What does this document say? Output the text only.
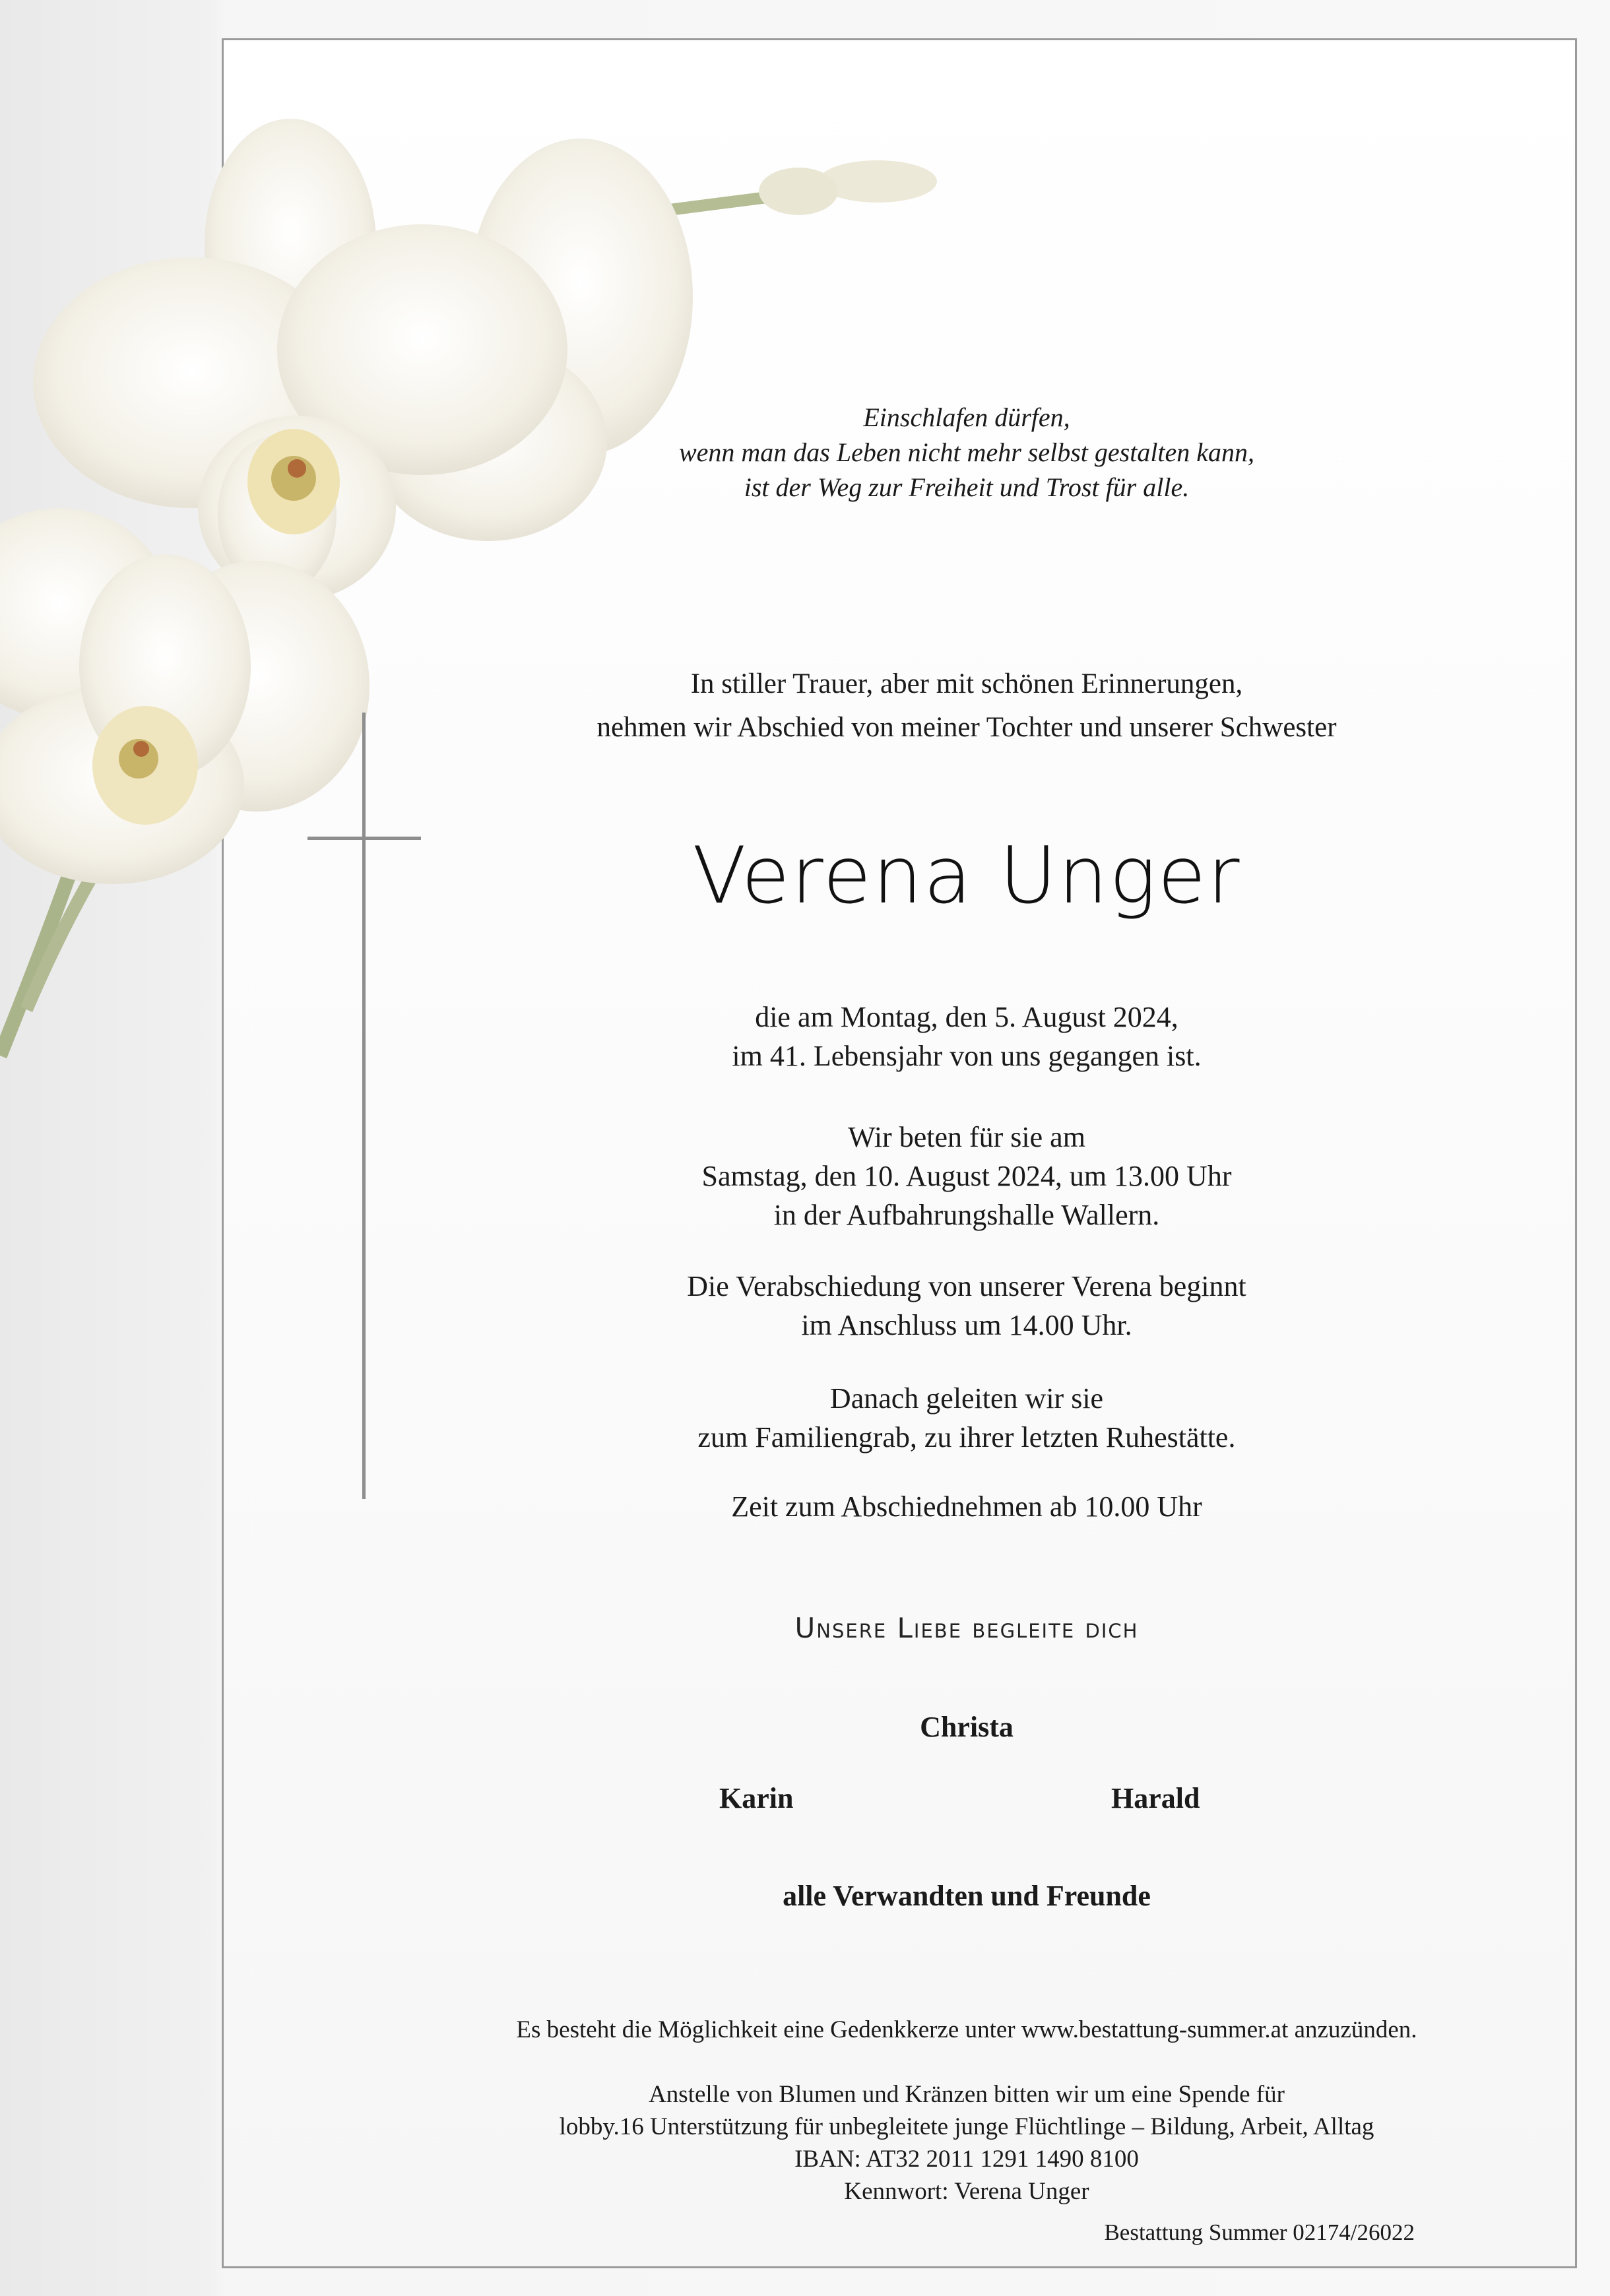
Einschlafen dürfen,

wenn man das Leben nicht mehr selbst gestalten kann,

ist der Weg zur Freiheit und Trost für alle.

In stiller Trauer, aber mit schönen Erinnerungen,

nehmen wir Abschied von meiner Tochter und unserer Schwester

Verena Unger

die am Montag, den 5. August 2024,

im 41. Lebensjahr von uns gegangen ist.

Wir beten für sie am

Samstag, den 10. August 2024, um 13.00 Uhr

in der Aufbahrungshalle Wallern.

Die Verabschiedung von unserer Verena beginnt

im Anschluss um 14.00 Uhr.

Danach geleiten wir sie

zum Familiengrab, zu ihrer letzten Ruhestätte.

Zeit zum Abschiednehmen ab 10.00 Uhr
Unsere Liebe begleite dich
Christa
Karin	Harald
alle Verwandten und Freunde
Es besteht die Möglichkeit eine Gedenkkerze unter www.bestattung-summer.at anzuzünden.

Anstelle von Blumen und Kränzen bitten wir um eine Spende für

lobby.16 Unterstützung für unbegleitete junge Flüchtlinge – Bildung, Arbeit, Alltag

IBAN: AT32 2011 1291 1490 8100

Kennwort: Verena Unger

Bestattung Summer 02174/26022
